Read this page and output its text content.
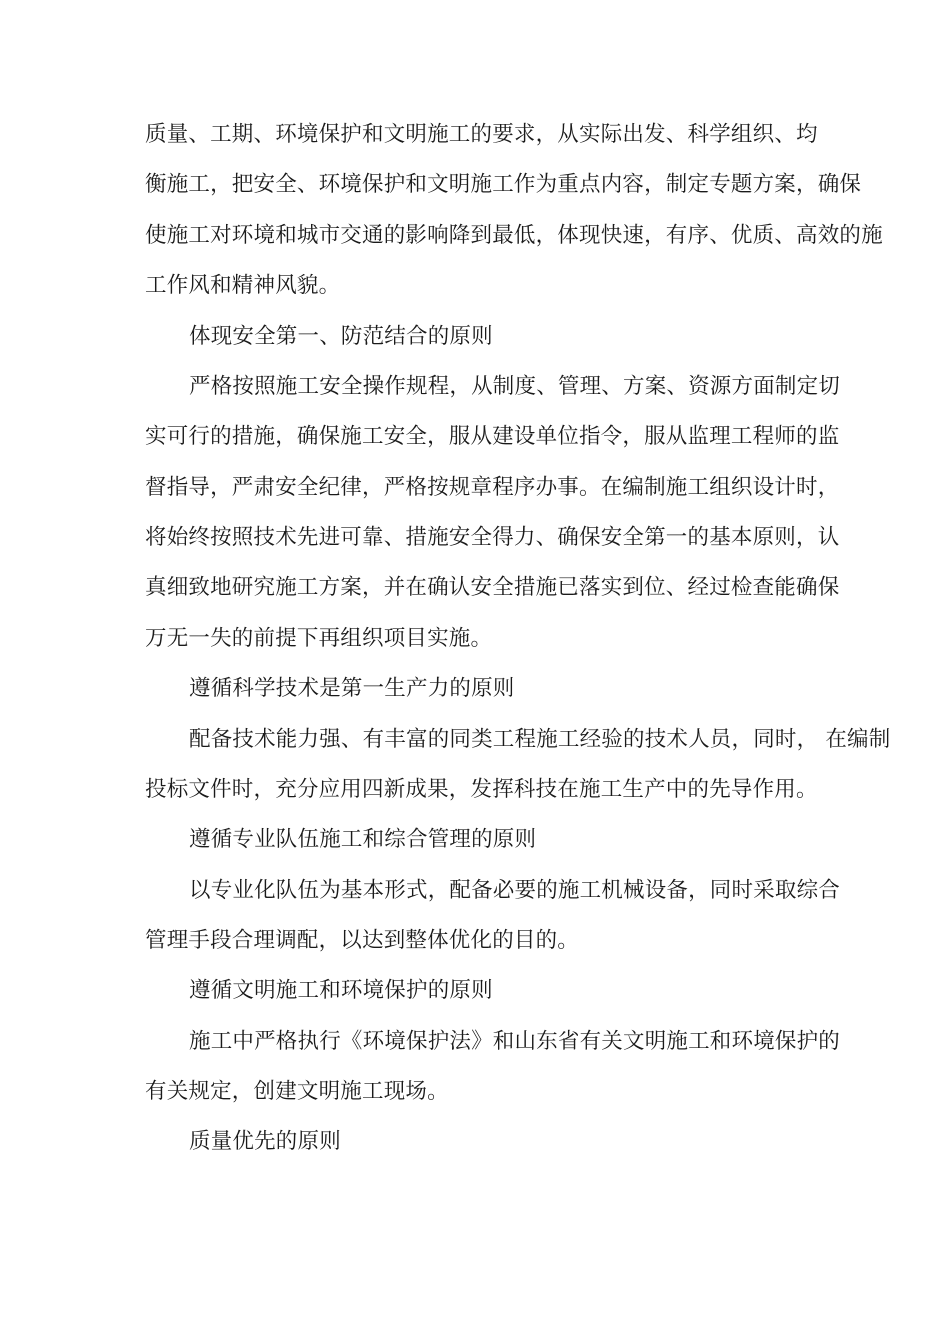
质量、工期、环境保护和文明施工的要求，从实际出发、科学组织、均
衡施工，把安全、环境保护和文明施工作为重点内容，制定专题方案，确保
使施工对环境和城市交通的影响降到最低，体现快速，有序、优质、高效的施
工作风和精神风貌。
体现安全第一、防范结合的原则
严格按照施工安全操作规程，从制度、管理、方案、资源方面制定切
实可行的措施，确保施工安全，服从建设单位指令，服从监理工程师的监
督指导，严肃安全纪律，严格按规章程序办事。在编制施工组织设计时，
将始终按照技术先进可靠、措施安全得力、确保安全第一的基本原则，认
真细致地研究施工方案，并在确认安全措施已落实到位、经过检查能确保
万无一失的前提下再组织项目实施。
遵循科学技术是第一生产力的原则
配备技术能力强、有丰富的同类工程施工经验的技术人员，同时， 在编制
投标文件时，充分应用四新成果，发挥科技在施工生产中的先导作用。
遵循专业队伍施工和综合管理的原则
以专业化队伍为基本形式，配备必要的施工机械设备，同时采取综合
管理手段合理调配，以达到整体优化的目的。
遵循文明施工和环境保护的原则
施工中严格执行《环境保护法》和山东省有关文明施工和环境保护的
有关规定，创建文明施工现场。
质量优先的原则
